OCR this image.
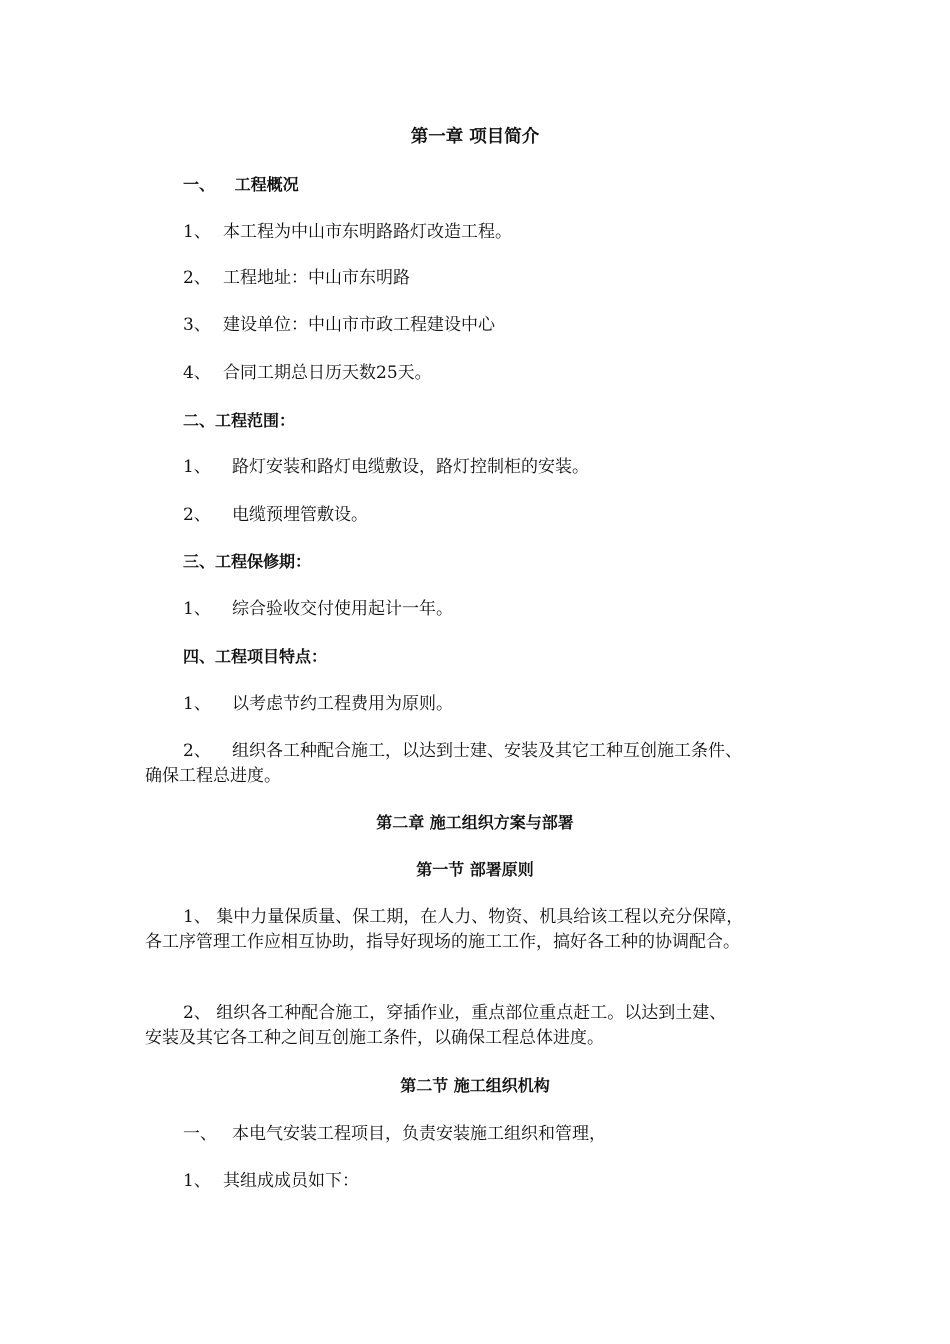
第一章 项目简介
一、 工程概况
1、 本工程为中山市东明路路灯改造工程。
2、 工程地址：中山市东明路
3、 建设单位：中山市市政工程建设中心
4、 合同工期总日历天数25天。
二、工程范围：
1、 路灯安装和路灯电缆敷设，路灯控制柜的安装。
2、 电缆预埋管敷设。
三、工程保修期：
1、 综合验收交付使用起计一年。
四、工程项目特点：
1、 以考虑节约工程费用为原则。
2、 组织各工种配合施工，以达到士建、安装及其它工种互创施工条件、
确保工程总进度。
第二章 施工组织方案与部署
第一节 部署原则
1、 集中力量保质量、保工期，在人力、物资、机具给该工程以充分保障，
各工序管理工作应相互协助，指导好现场的施工工作，搞好各工种的协调配合。
2、 组织各工种配合施工，穿插作业，重点部位重点赶工。以达到土建、
安装及其它各工种之间互创施工条件，以确保工程总体进度。
第二节 施工组织机构
一、 本电气安装工程项目，负责安装施工组织和管理，
1、 其组成成员如下：
